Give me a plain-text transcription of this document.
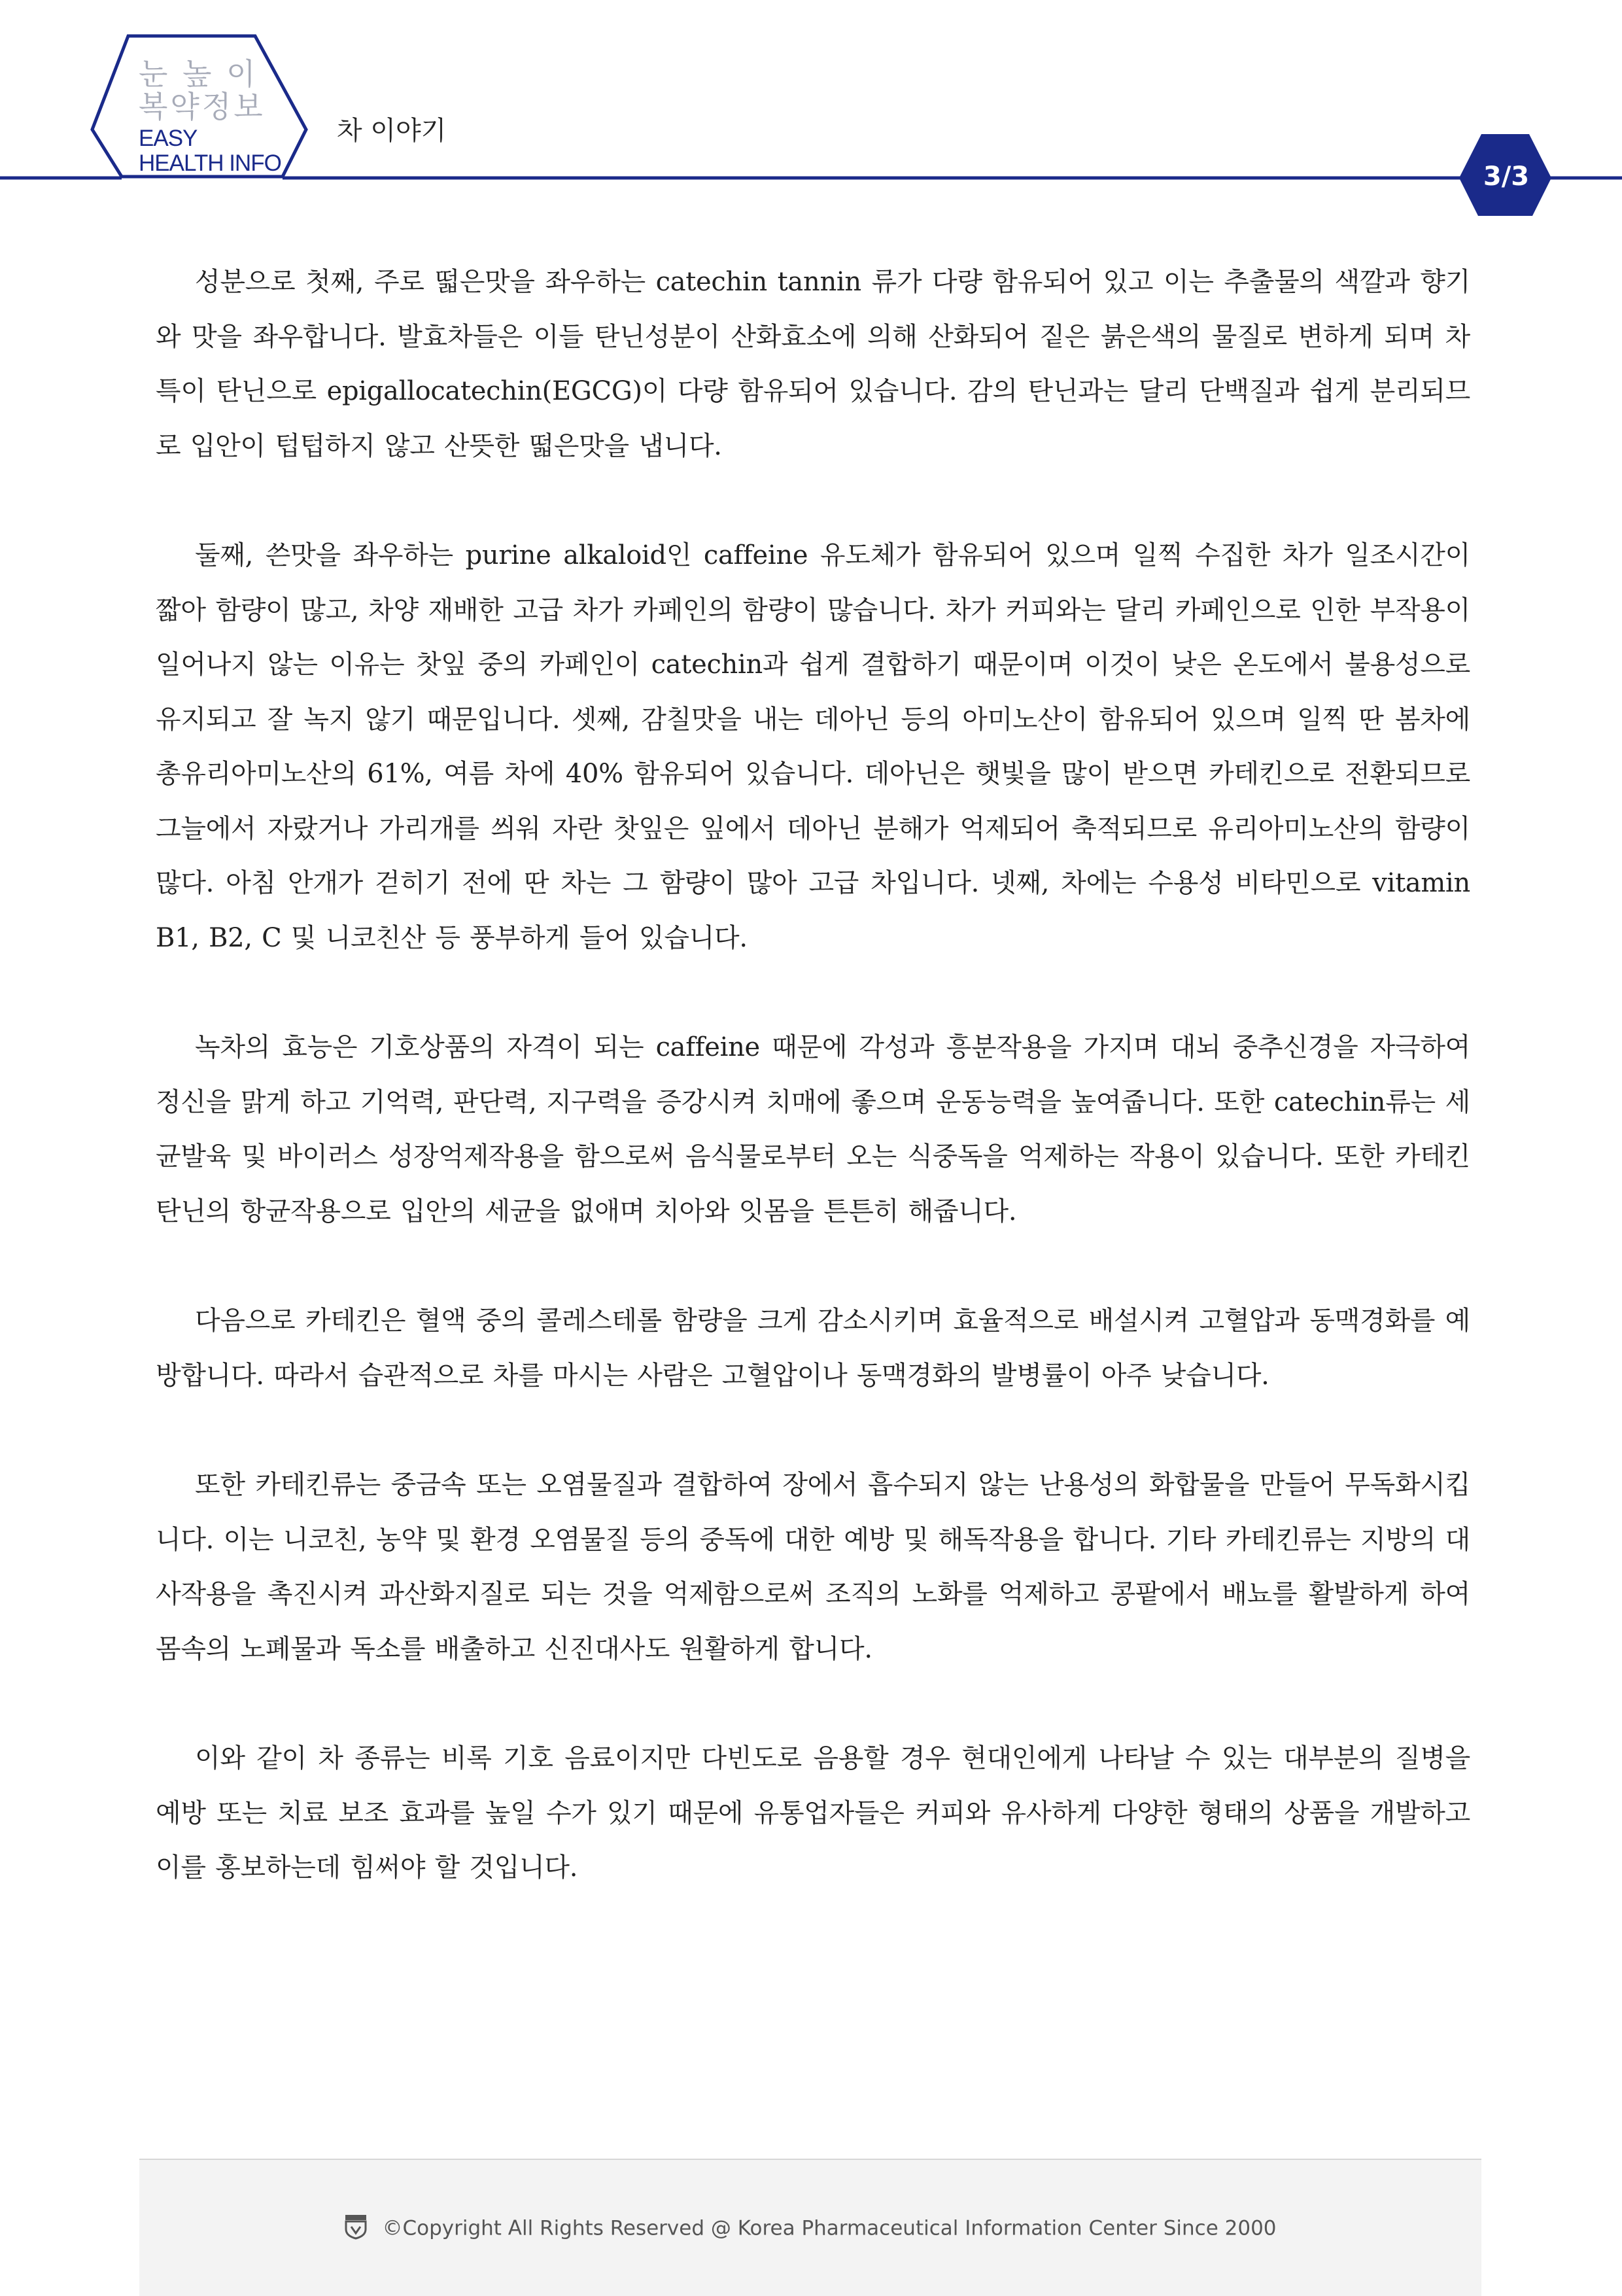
눈 높 이
복약정보
EASY
HEALTH INFO
차 이야기
3/3

성분으로 첫째, 주로 떫은맛을 좌우하는 catechin tannin 류가 다량 함유되어 있고 이는 추출물의 색깔과 향기와 맛을 좌우합니다. 발효차들은 이들 탄닌성분이 산화효소에 의해 산화되어 짙은 붉은색의 물질로 변하게 되며 차특이 탄닌으로 epigallocatechin(EGCG)이 다량 함유되어 있습니다. 감의 탄닌과는 달리 단백질과 쉽게 분리되므로 입안이 텁텁하지 않고 산뜻한 떫은맛을 냅니다.

둘째, 쓴맛을 좌우하는 purine alkaloid인 caffeine 유도체가 함유되어 있으며 일찍 수집한 차가 일조시간이 짧아 함량이 많고, 차양 재배한 고급 차가 카페인의 함량이 많습니다. 차가 커피와는 달리 카페인으로 인한 부작용이 일어나지 않는 이유는 찻잎 중의 카페인이 catechin과 쉽게 결합하기 때문이며 이것이 낮은 온도에서 불용성으로 유지되고 잘 녹지 않기 때문입니다. 셋째, 감칠맛을 내는 데아닌 등의 아미노산이 함유되어 있으며 일찍 딴 봄차에 총유리아미노산의 61%, 여름 차에 40% 함유되어 있습니다. 데아닌은 햇빛을 많이 받으면 카테킨으로 전환되므로 그늘에서 자랐거나 가리개를 씌워 자란 찻잎은 잎에서 데아닌 분해가 억제되어 축적되므로 유리아미노산의 함량이 많다. 아침 안개가 걷히기 전에 딴 차는 그 함량이 많아 고급 차입니다. 넷째, 차에는 수용성 비타민으로 vitamin B1, B2, C 및 니코친산 등 풍부하게 들어 있습니다.

녹차의 효능은 기호상품의 자격이 되는 caffeine 때문에 각성과 흥분작용을 가지며 대뇌 중추신경을 자극하여 정신을 맑게 하고 기억력, 판단력, 지구력을 증강시켜 치매에 좋으며 운동능력을 높여줍니다. 또한 catechin류는 세균발육 및 바이러스 성장억제작용을 함으로써 음식물로부터 오는 식중독을 억제하는 작용이 있습니다. 또한 카테킨 탄닌의 항균작용으로 입안의 세균을 없애며 치아와 잇몸을 튼튼히 해줍니다.

다음으로 카테킨은 혈액 중의 콜레스테롤 함량을 크게 감소시키며 효율적으로 배설시켜 고혈압과 동맥경화를 예방합니다. 따라서 습관적으로 차를 마시는 사람은 고혈압이나 동맥경화의 발병률이 아주 낮습니다.

또한 카테킨류는 중금속 또는 오염물질과 결합하여 장에서 흡수되지 않는 난용성의 화합물을 만들어 무독화시킵니다. 이는 니코친, 농약 및 환경 오염물질 등의 중독에 대한 예방 및 해독작용을 합니다. 기타 카테킨류는 지방의 대사작용을 촉진시켜 과산화지질로 되는 것을 억제함으로써 조직의 노화를 억제하고 콩팥에서 배뇨를 활발하게 하여 몸속의 노폐물과 독소를 배출하고 신진대사도 원활하게 합니다.

이와 같이 차 종류는 비록 기호 음료이지만 다빈도로 음용할 경우 현대인에게 나타날 수 있는 대부분의 질병을 예방 또는 치료 보조 효과를 높일 수가 있기 때문에 유통업자들은 커피와 유사하게 다양한 형태의 상품을 개발하고 이를 홍보하는데 힘써야 할 것입니다.

©Copyright All Rights Reserved @ Korea Pharmaceutical Information Center Since 2000
